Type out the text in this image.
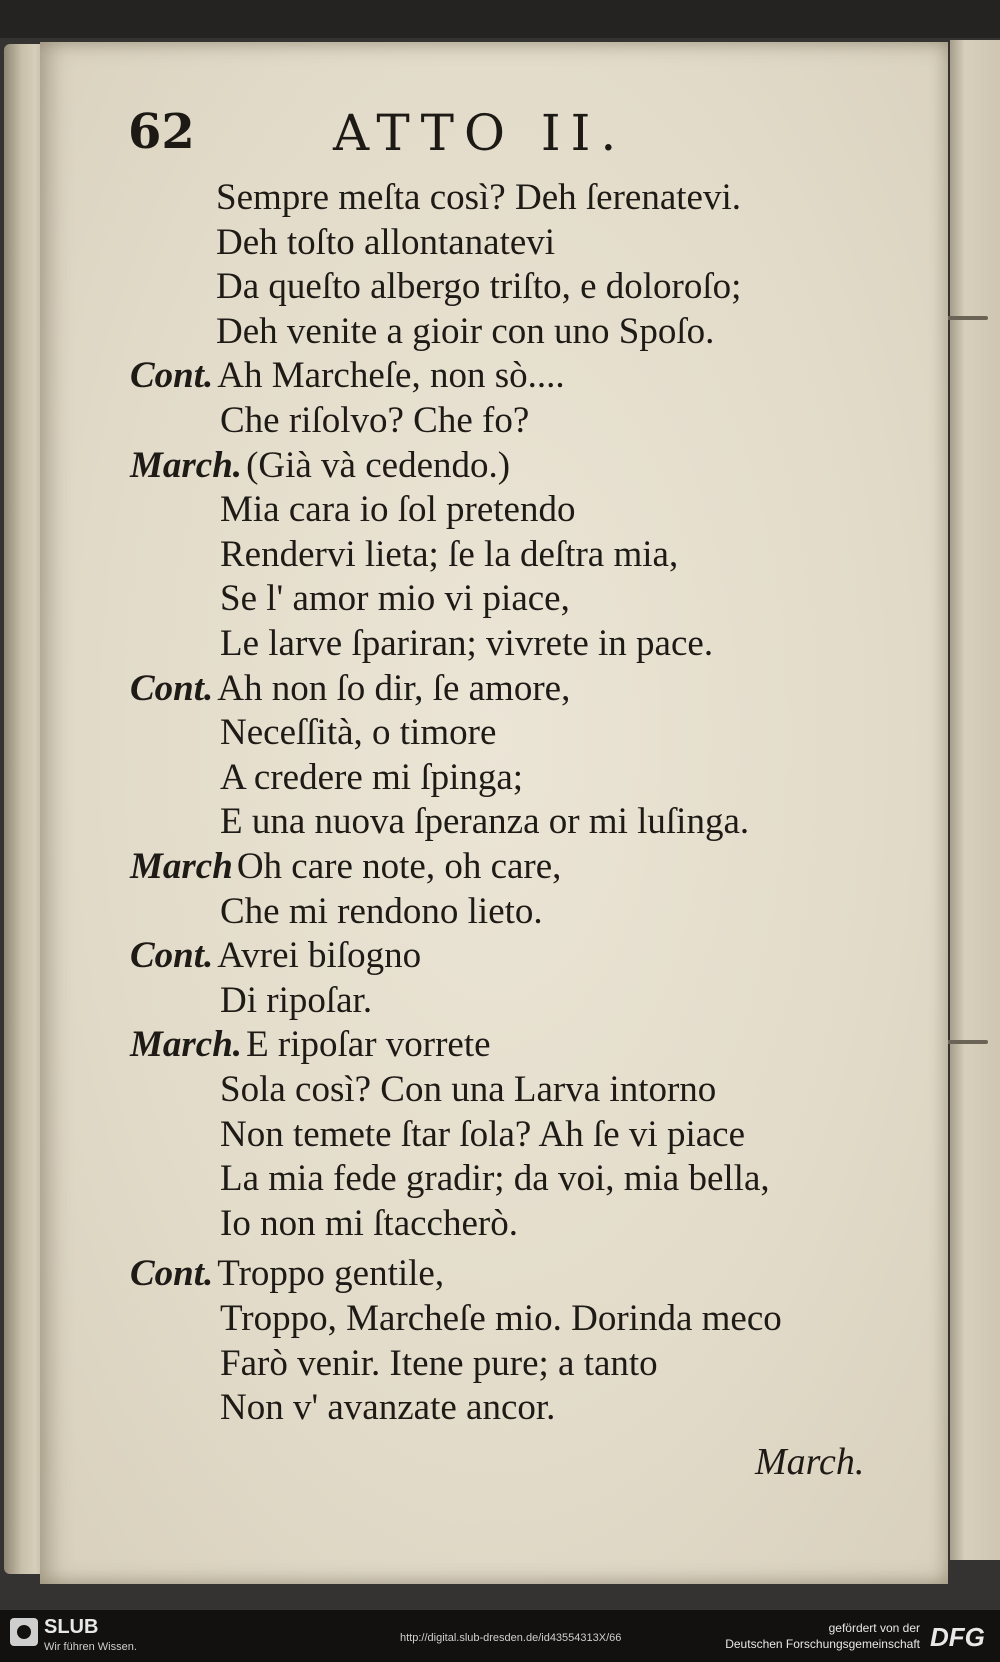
62	ATTO II.
Sempre meſta così? Deh ſerenatevi.
Deh toſto allontanatevi
Da queſto albergo triſto, e doloroſo;
Deh venite a gioir con uno Spoſo.
Cont. Ah Marcheſe, non sò....
Che riſolvo? Che fo?
March. (Già và cedendo.)
Mia cara io ſol pretendo
Rendervi lieta; ſe la deſtra mia,
Se l' amor mio vi piace,
Le larve ſpariran; vivrete in pace.
Cont. Ah non ſo dir, ſe amore,
Neceſſità, o timore
A credere mi ſpinga;
E una nuova ſperanza or mi luſinga.
March Oh care note, oh care,
Che mi rendono lieto.
Cont. Avrei biſogno
Di ripoſar.
March. E ripoſar vorrete
Sola così? Con una Larva intorno
Non temete ſtar ſola? Ah ſe vi piace
La mia fede gradir; da voi, mia bella,
Io non mi ſtaccherò.
Cont. Troppo gentile,
Troppo, Marcheſe mio. Dorinda meco
Farò venir. Itene pure; a tanto
Non v' avanzate ancor.
March.
SLUB
Wir führen Wissen.
http://digital.slub-dresden.de/id43554313X/66
gefördert von der
Deutschen Forschungsgemeinschaft DFG
